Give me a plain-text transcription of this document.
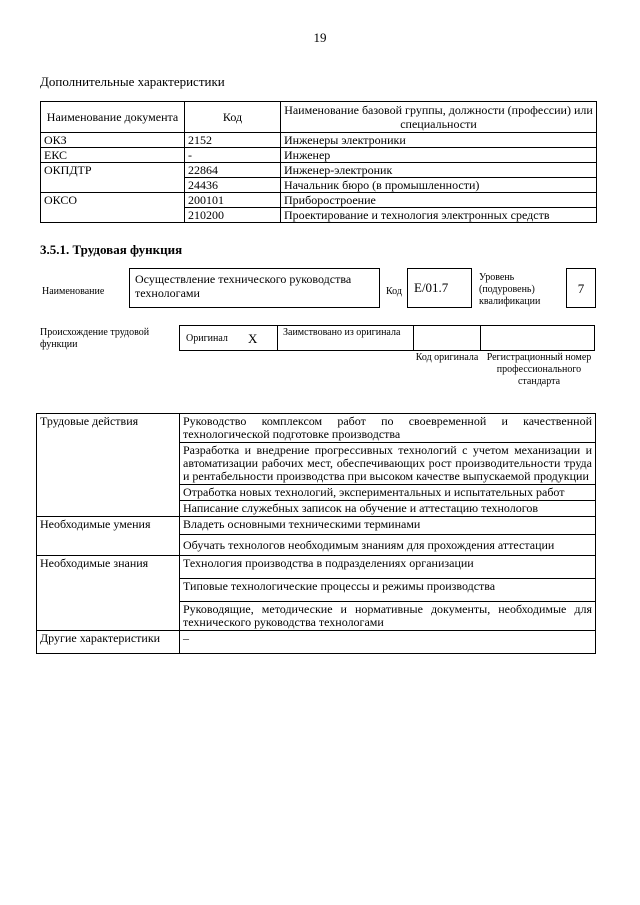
19
Дополнительные характеристики
Наименование документа	Код	Наименование базовой группы, должности (профессии) или специальности
ОКЗ	2152	Инженеры электроники
ЕКС	-	Инженер
ОКПДТР	22864	Инженер-электроник
	24436	Начальник бюро (в промышленности)
ОКСО	200101	Приборостроение
	210200	Проектирование и технология электронных средств
3.5.1. Трудовая функция
Наименование
Осуществление технического руководства технологами	Код Е/01.7
Уровень (подуровень) квалификации
7
Происхождение трудовой функции
Оригинал X	Заимствовано из оригинала
Код оригинала Регистрационный номер профессионального стандарта
Трудовые действия	Руководство комплексом работ по своевременной и качественной технологической подготовке производства
	Разработка и внедрение прогрессивных технологий с учетом механизации и автоматизации рабочих мест, обеспечивающих рост производительности труда и рентабельности производства при высоком качестве выпускаемой продукции
	Отработка новых технологий, экспериментальных и испытательных работ
	Написание служебных записок на обучение и аттестацию технологов
Необходимые умения	Владеть основными техническими терминами
	Обучать технологов необходимым знаниям для прохождения аттестации
Необходимые знания	Технология производства в подразделениях организации
	Типовые технологические процессы и режимы производства
	Руководящие, методические и нормативные документы, необходимые для технического руководства технологами
Другие характеристики	–
